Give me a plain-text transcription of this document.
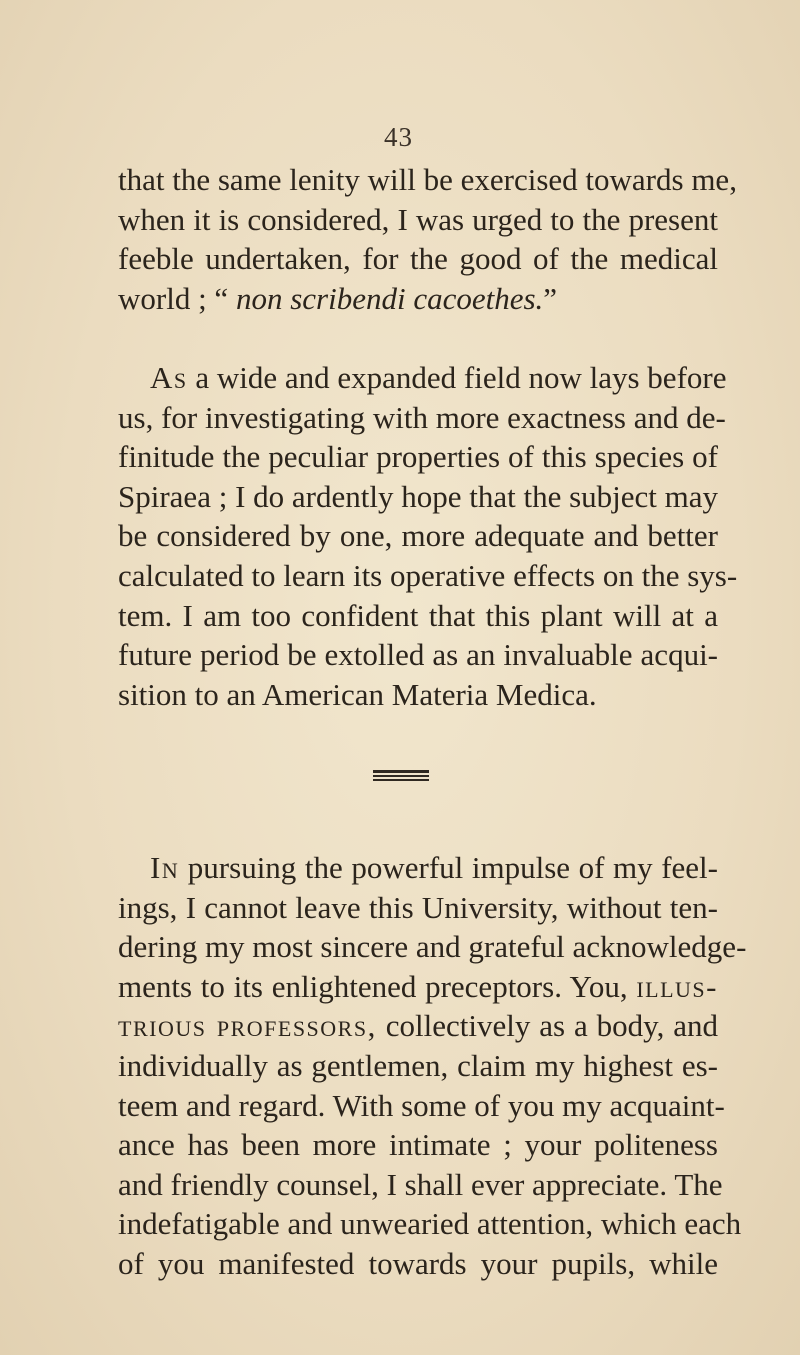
43
that the same lenity will be exercised towards me,
when it is considered, I was urged to the present
feeble undertaken, for the good of the medical
world ; “ non scribendi cacoethes.”
As a wide and expanded field now lays before
us, for investigating with more exactness and de-
finitude the peculiar properties of this species of
Spiraea ; I do ardently hope that the subject may
be considered by one, more adequate and better
calculated to learn its operative effects on the sys-
tem. I am too confident that this plant will at a
future period be extolled as an invaluable acqui-
sition to an American Materia Medica.
In pursuing the powerful impulse of my feel-
ings, I cannot leave this University, without ten-
dering my most sincere and grateful acknowledge-
ments to its enlightened preceptors. You, illus-
trious professors, collectively as a body, and
individually as gentlemen, claim my highest es-
teem and regard. With some of you my acquaint-
ance has been more intimate ; your politeness
and friendly counsel, I shall ever appreciate. The
indefatigable and unwearied attention, which each
of you manifested towards your pupils, while
